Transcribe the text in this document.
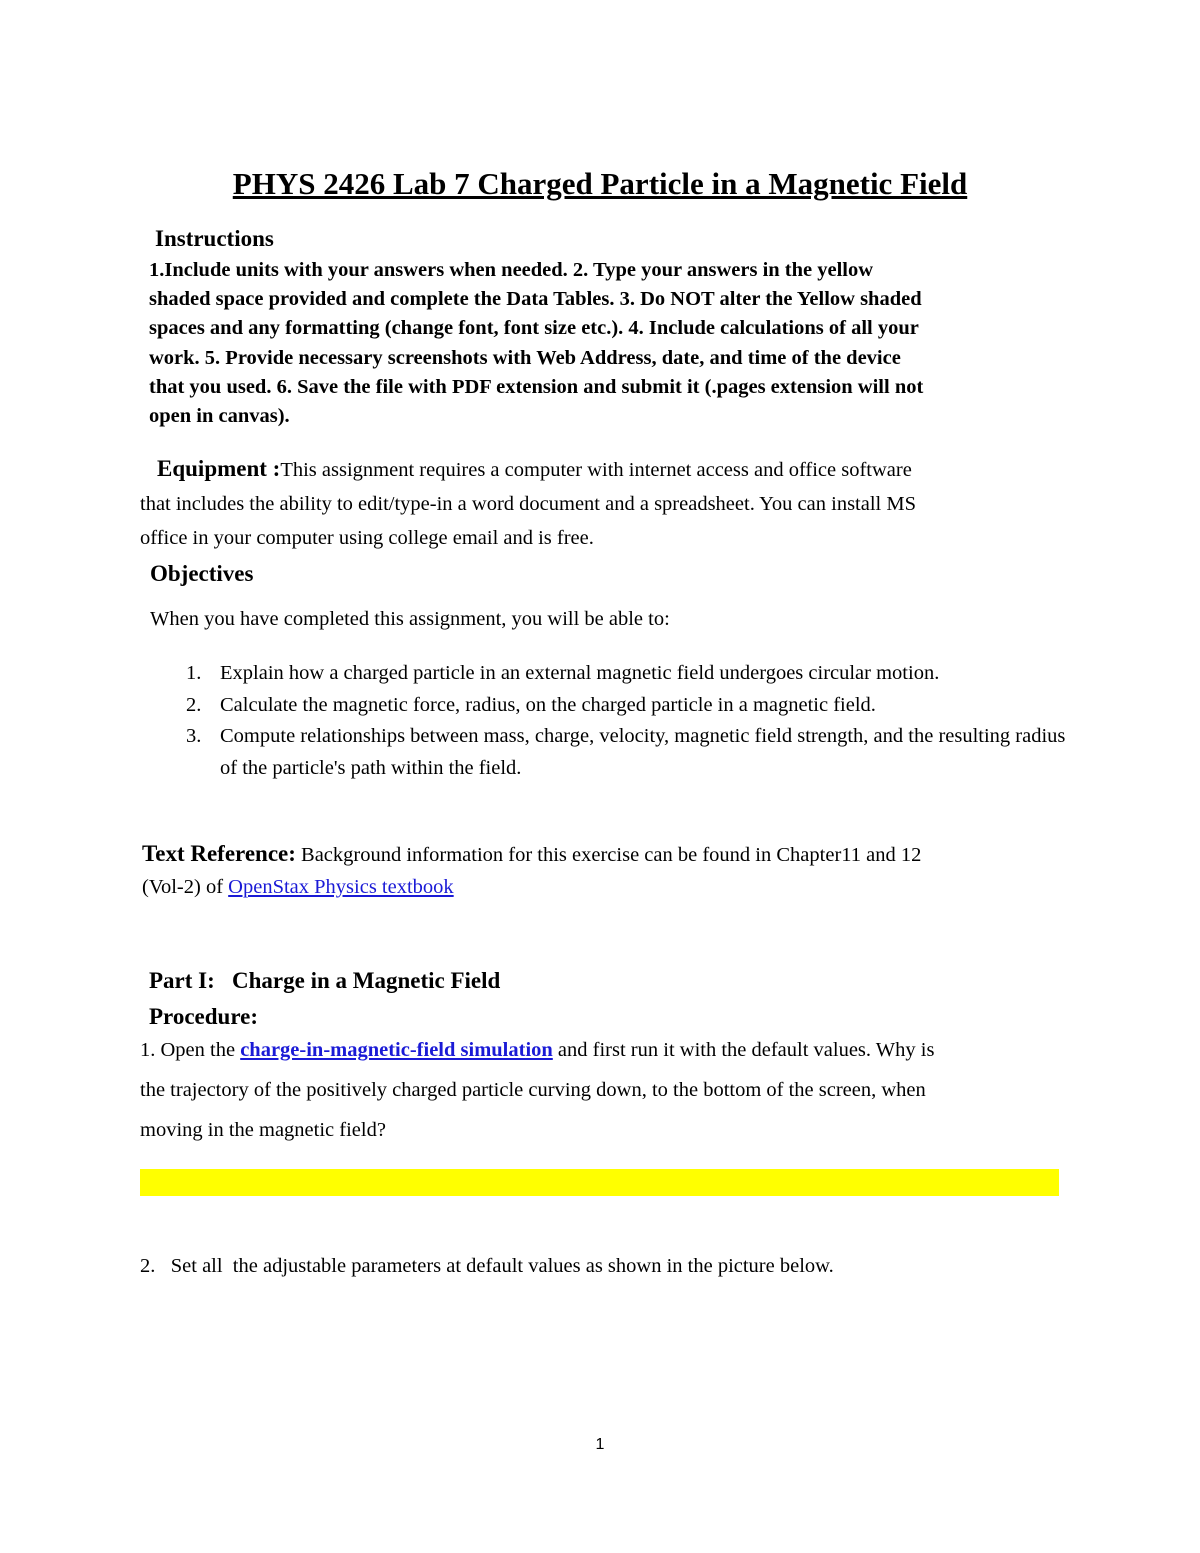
PHYS 2426 Lab 7 Charged Particle in a Magnetic Field
Instructions
1.Include units with your answers when needed. 2. Type your answers in the yellow
shaded space provided and complete the Data Tables. 3. Do NOT alter the Yellow shaded
spaces and any formatting (change font, font size etc.). 4. Include calculations of all your
work. 5. Provide necessary screenshots with Web Address, date, and time of the device
that you used. 6. Save the file with PDF extension and submit it (.pages extension will not
open in canvas).
Equipment :This assignment requires a computer with internet access and office software
that includes the ability to edit/type-in a word document and a spreadsheet. You can install MS
office in your computer using college email and is free.
Objectives
When you have completed this assignment, you will be able to:
1. Explain how a charged particle in an external magnetic field undergoes circular motion.
2. Calculate the magnetic force, radius, on the charged particle in a magnetic field.
3. Compute relationships between mass, charge, velocity, magnetic field strength, and the resulting radius of the particle's path within the field.
Text Reference: Background information for this exercise can be found in Chapter11 and 12
(Vol-2) of OpenStax Physics textbook
Part I:   Charge in a Magnetic Field
Procedure:
1. Open the charge-in-magnetic-field simulation and first run it with the default values. Why is
the trajectory of the positively charged particle curving down, to the bottom of the screen, when
moving in the magnetic field?
2.   Set all  the adjustable parameters at default values as shown in the picture below.
1
